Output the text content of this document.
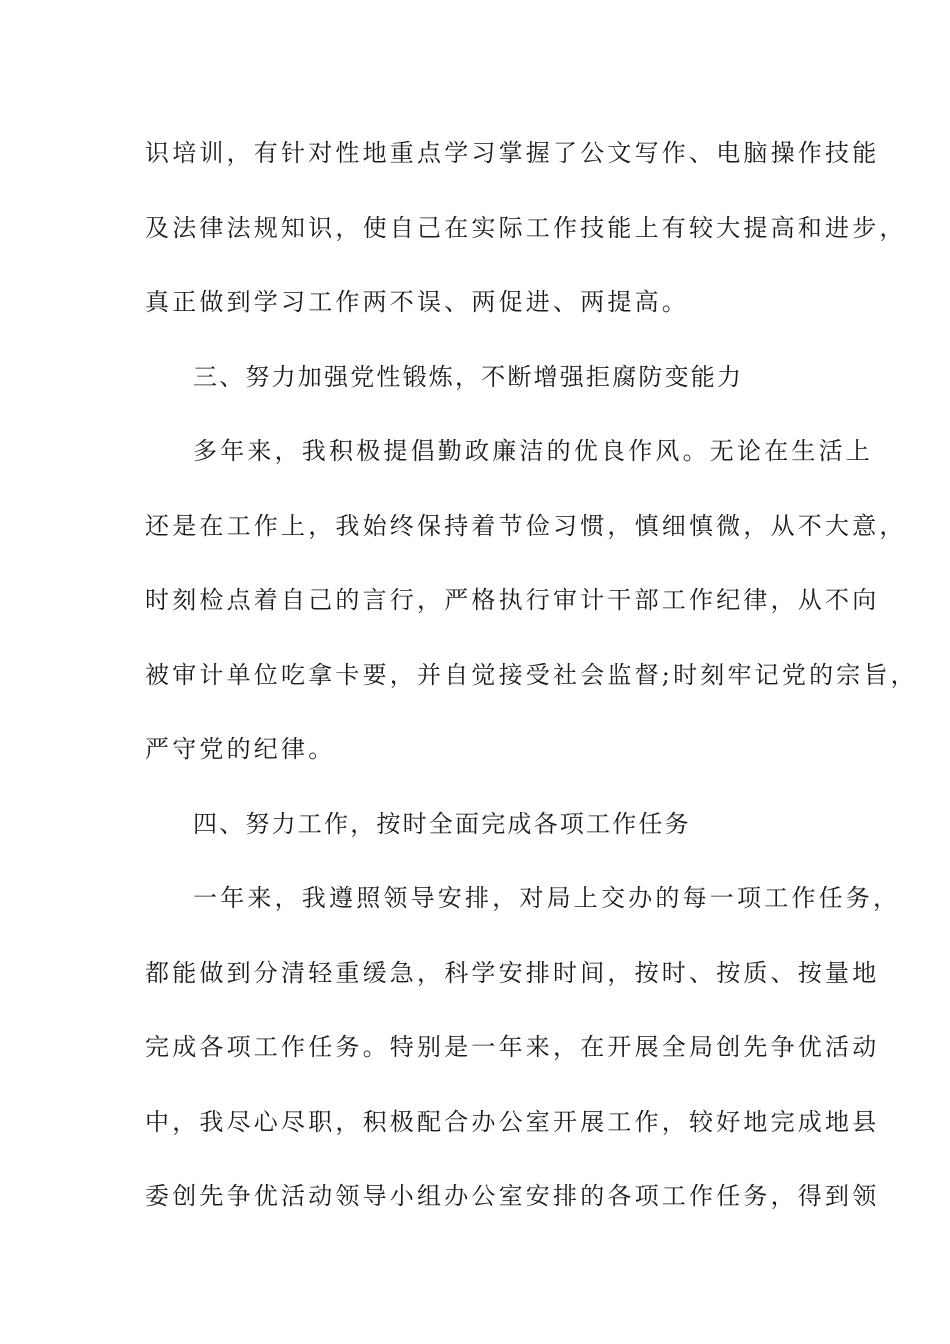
识培训，有针对性地重点学习掌握了公文写作、电脑操作技能
及法律法规知识，使自己在实际工作技能上有较大提高和进步，
真正做到学习工作两不误、两促进、两提高。
三、努力加强党性锻炼，不断增强拒腐防变能力
多年来，我积极提倡勤政廉洁的优良作风。无论在生活上
还是在工作上，我始终保持着节俭习惯，慎细慎微，从不大意，
时刻检点着自己的言行，严格执行审计干部工作纪律，从不向
被审计单位吃拿卡要，并自觉接受社会监督;时刻牢记党的宗旨，
严守党的纪律。
四、努力工作，按时全面完成各项工作任务
一年来，我遵照领导安排，对局上交办的每一项工作任务，
都能做到分清轻重缓急，科学安排时间，按时、按质、按量地
完成各项工作任务。特别是一年来，在开展全局创先争优活动
中，我尽心尽职，积极配合办公室开展工作，较好地完成地县
委创先争优活动领导小组办公室安排的各项工作任务，得到领
